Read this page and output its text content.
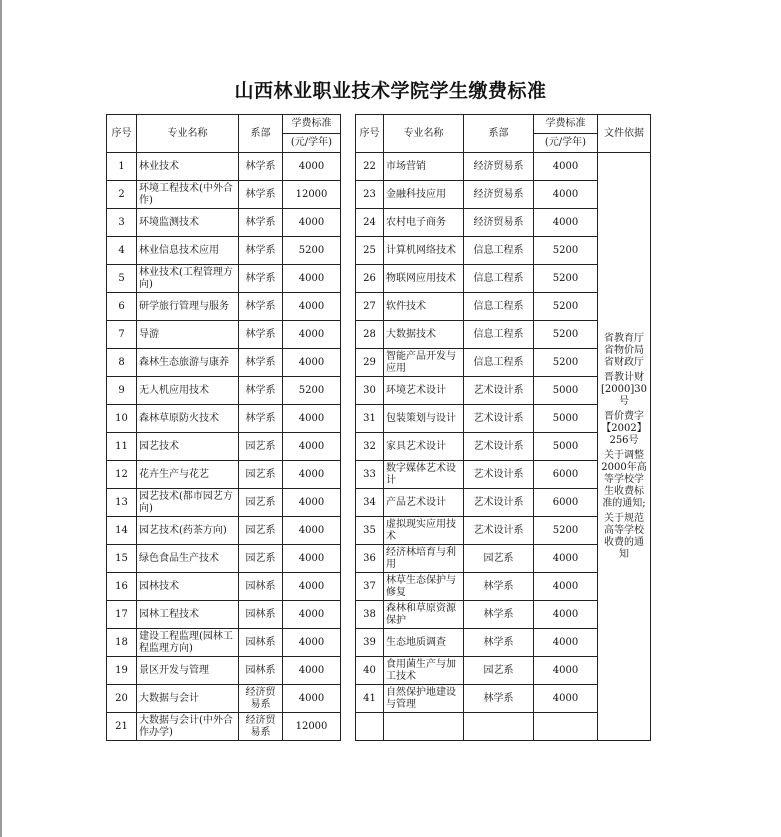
山西林业职业技术学院学生缴费标准
序号	专业名称	系部	学费标准
			(元/学年)
1	林业技术	林学系	4000
2	环境工程技术(中外合作)	林学系	12000
3	环境监测技术	林学系	4000
4	林业信息技术应用	林学系	5200
5	林业技术(工程管理方向)	林学系	4000
6	研学旅行管理与服务	林学系	4000
7	导游	林学系	4000
8	森林生态旅游与康养	林学系	4000
9	无人机应用技术	林学系	5200
10	森林草原防火技术	林学系	4000
11	园艺技术	园艺系	4000
12	花卉生产与花艺	园艺系	4000
13	园艺技术(都市园艺方向)	园艺系	4000
14	园艺技术(药茶方向)	园艺系	4000
15	绿色食品生产技术	园艺系	4000
16	园林技术	园林系	4000
17	园林工程技术	园林系	4000
18	建设工程监理(园林工程监理方向)	园林系	4000
19	景区开发与管理	园林系	4000
20	大数据与会计	经济贸易系	4000
21	大数据与会计(中外合作办学)	经济贸易系	12000
序号	专业名称	系部	学费标准	文件依据
			(元/学年)	
22	市场营销	经济贸易系	4000	省教育厅省物价局省财政厅
晋教计财[2000]30号
晋价费字【2002】256号
关于调整2000年高等学校学生收费标准的通知;
关于规范高等学校收费的通知

23	金融科技应用	经济贸易系	4000	
24	农村电子商务	经济贸易系	4000	
25	计算机网络技术	信息工程系	5200	
26	物联网应用技术	信息工程系	5200	
27	软件技术	信息工程系	5200	
28	大数据技术	信息工程系	5200	
29	智能产品开发与应用	信息工程系	5200	
30	环境艺术设计	艺术设计系	5000	
31	包装策划与设计	艺术设计系	5000	
32	家具艺术设计	艺术设计系	5000	
33	数字媒体艺术设计	艺术设计系	6000	
34	产品艺术设计	艺术设计系	6000	
35	虚拟现实应用技术	艺术设计系	5200	
36	经济林培育与利用	园艺系	4000	
37	林草生态保护与修复	林学系	4000	
38	森林和草原资源保护	林学系	4000	
39	生态地质调查	林学系	4000	
40	食用菌生产与加工技术	园艺系	4000	
41	自然保护地建设与管理	林学系	4000	
